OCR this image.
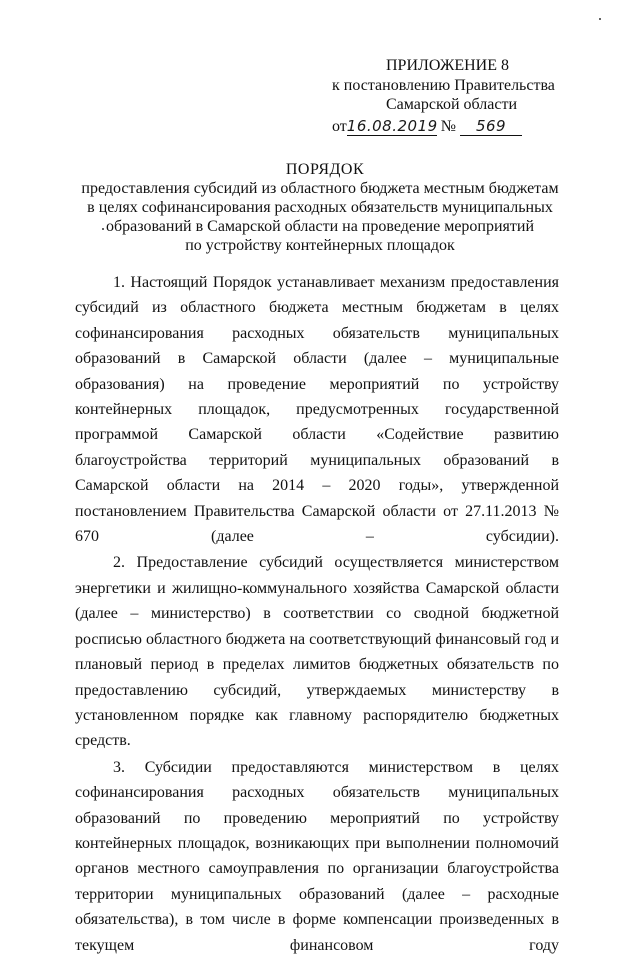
ПРИЛОЖЕНИЕ 8
к постановлению Правительства
Самарской области
от16.08.2019 № 569
ПОРЯДОК
предоставления субсидий из областного бюджета местным бюджетам
в целях софинансирования расходных обязательств муниципальных
образований в Самарской области на проведение мероприятий
по устройству контейнерных площадок

1. Настоящий Порядок устанавливает механизм предоставления субсидий из областного бюджета местным бюджетам в целях софинансирования расходных обязательств муниципальных образований в Самарской области (далее – муниципальные образования) на проведение мероприятий по устройству контейнерных площадок, предусмотренных государственной программой Самарской области «Содействие развитию благоустройства территорий муниципальных образований в Самарской области на 2014 – 2020 годы», утвержденной постановлением Правительства Самарской области от 27.11.2013 № 670 (далее – субсидии).

2. Предоставление субсидий осуществляется министерством энергетики и жилищно-коммунального хозяйства Самарской области (далее – министерство) в соответствии со сводной бюджетной росписью областного бюджета на соответствующий финансовый год и плановый период в пределах лимитов бюджетных обязательств по предоставлению субсидий, утверждаемых министерству в установленном порядке как главному распорядителю бюджетных средств.

3. Субсидии предоставляются министерством в целях софинансирования расходных обязательств муниципальных образований по проведению мероприятий по устройству контейнерных площадок, возникающих при выполнении полномочий органов местного самоуправления по организации благоустройства территории муниципальных образований (далее – расходные обязательства), в том числе в форме компенсации произведенных в текущем финансовом году
